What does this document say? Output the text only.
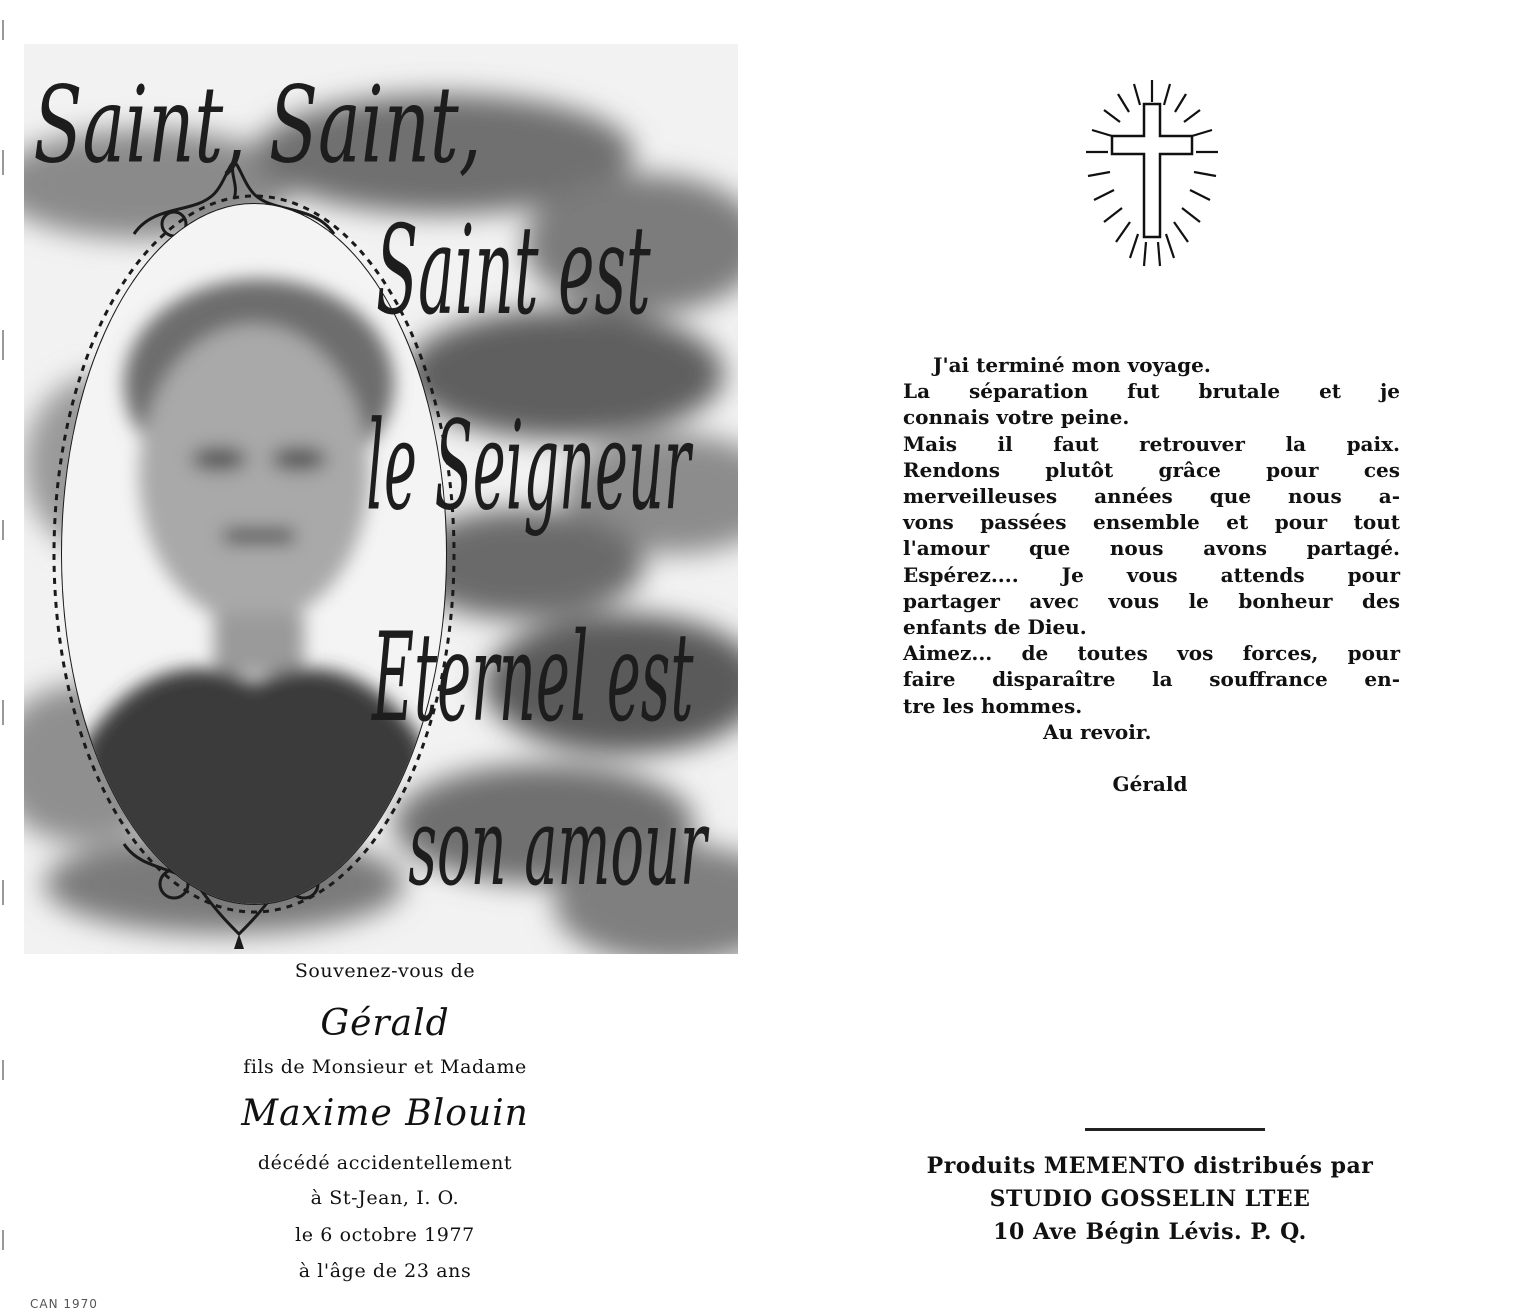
Saint, Saint,
Saint est
le Seigneur
Eternel est
son amour
Souvenez-vous de
Gérald
fils de Monsieur et Madame
Maxime Blouin
décédé accidentellement
à St-Jean, I. O.
le 6 octobre 1977
à l'âge de 23 ans
CAN 1970
J'ai terminé mon voyage.
La séparation fut brutale et je
connais votre peine.
Mais il faut retrouver la paix.
Rendons plutôt grâce pour ces
merveilleuses années que nous a-
vons passées ensemble et pour tout
l'amour que nous avons partagé.
Espérez.... Je vous attends pour
partager avec vous le bonheur des
enfants de Dieu.
Aimez... de toutes vos forces, pour
faire disparaître la souffrance en-
tre les hommes.
Au revoir.
Gérald
Produits MEMENTO distribués par
STUDIO GOSSELIN LTEE
10 Ave Bégin Lévis. P. Q.
